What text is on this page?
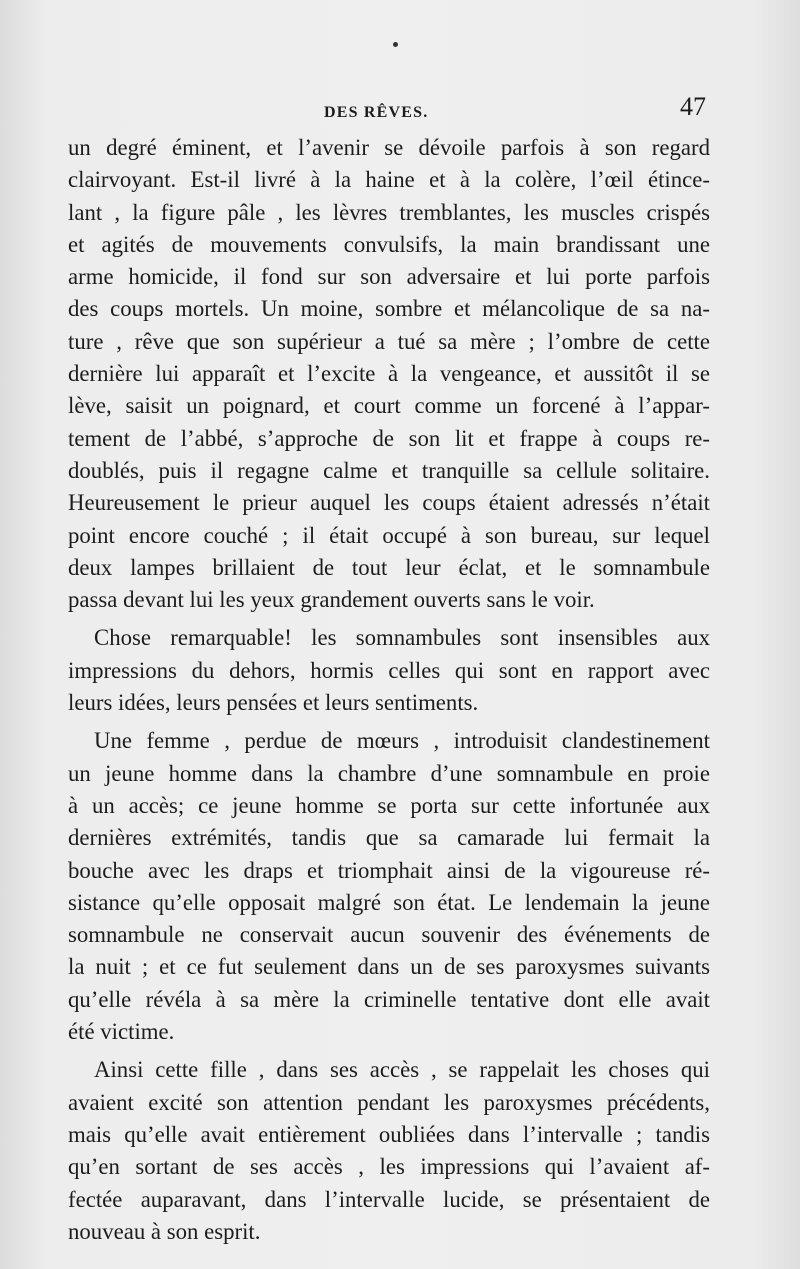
DES RÊVES.	47
un degré éminent, et l’avenir se dévoile parfois à son regard
clairvoyant. Est-il livré à la haine et à la colère, l’œil étince-
lant , la figure pâle , les lèvres tremblantes, les muscles crispés
et agités de mouvements convulsifs, la main brandissant une
arme homicide, il fond sur son adversaire et lui porte parfois
des coups mortels. Un moine, sombre et mélancolique de sa na-
ture , rêve que son supérieur a tué sa mère ; l’ombre de cette
dernière lui apparaît et l’excite à la vengeance, et aussitôt il se
lève, saisit un poignard, et court comme un forcené à l’appar-
tement de l’abbé, s’approche de son lit et frappe à coups re-
doublés, puis il regagne calme et tranquille sa cellule solitaire.
Heureusement le prieur auquel les coups étaient adressés n’était
point encore couché ; il était occupé à son bureau, sur lequel
deux lampes brillaient de tout leur éclat, et le somnambule
passa devant lui les yeux grandement ouverts sans le voir.
Chose remarquable! les somnambules sont insensibles aux
impressions du dehors, hormis celles qui sont en rapport avec
leurs idées, leurs pensées et leurs sentiments.
Une femme , perdue de mœurs , introduisit clandestinement
un jeune homme dans la chambre d’une somnambule en proie
à un accès; ce jeune homme se porta sur cette infortunée aux
dernières extrémités, tandis que sa camarade lui fermait la
bouche avec les draps et triomphait ainsi de la vigoureuse ré-
sistance qu’elle opposait malgré son état. Le lendemain la jeune
somnambule ne conservait aucun souvenir des événements de
la nuit ; et ce fut seulement dans un de ses paroxysmes suivants
qu’elle révéla à sa mère la criminelle tentative dont elle avait
été victime.
Ainsi cette fille , dans ses accès , se rappelait les choses qui
avaient excité son attention pendant les paroxysmes précédents,
mais qu’elle avait entièrement oubliées dans l’intervalle ; tandis
qu’en sortant de ses accès , les impressions qui l’avaient af-
fectée auparavant, dans l’intervalle lucide, se présentaient de
nouveau à son esprit.
